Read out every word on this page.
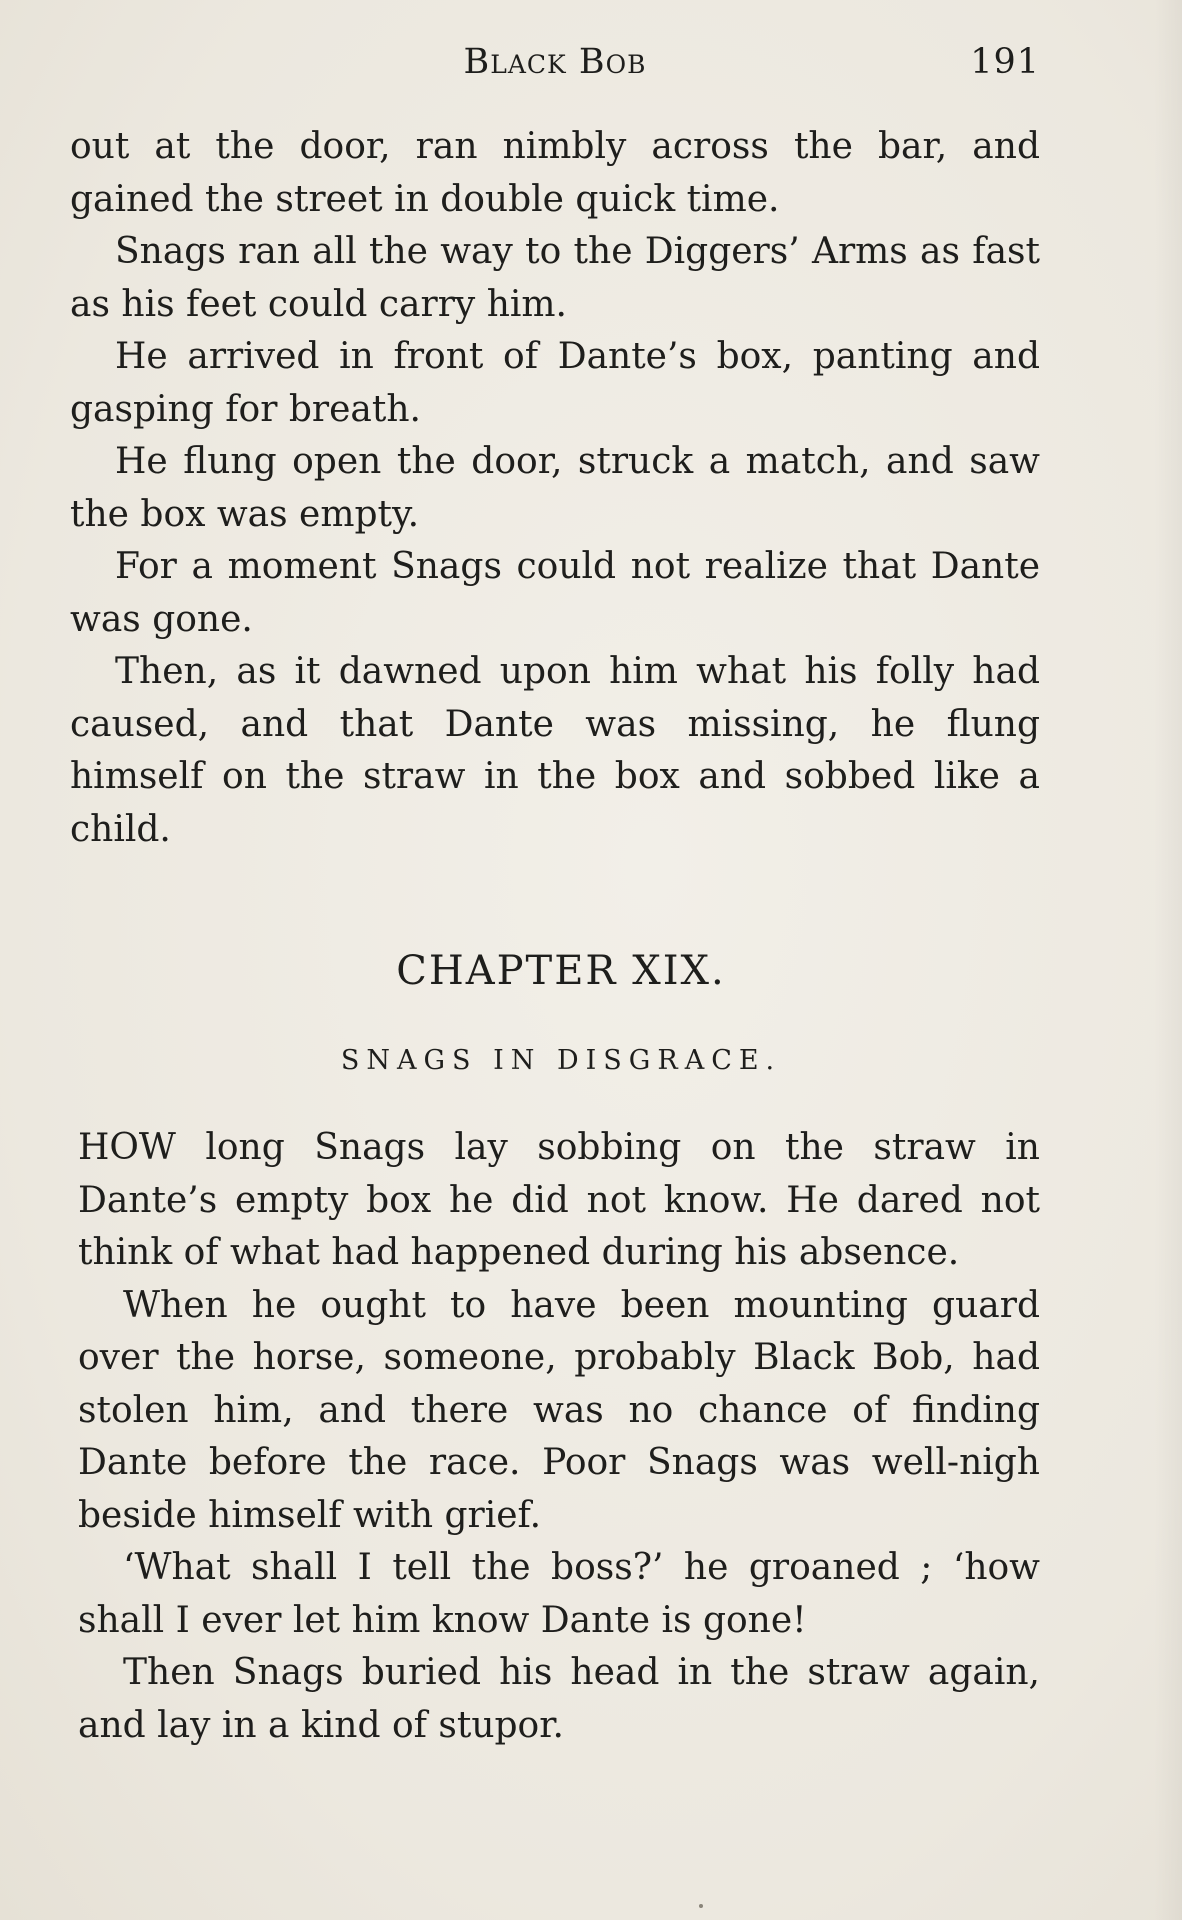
Black Bob	191

out at the door, ran nimbly across the bar, and gained the street in double quick time.

Snags ran all the way to the Diggers’ Arms as fast as his feet could carry him.

He arrived in front of Dante’s box, panting and gasping for breath.

He flung open the door, struck a match, and saw the box was empty.

For a moment Snags could not realize that Dante was gone.

Then, as it dawned upon him what his folly had caused, and that Dante was missing, he flung himself on the straw in the box and sobbed like a child.

CHAPTER XIX.
SNAGS IN DISGRACE.

HOW long Snags lay sobbing on the straw in Dante’s empty box he did not know. He dared not think of what had happened during his absence.

When he ought to have been mounting guard over the horse, someone, probably Black Bob, had stolen him, and there was no chance of finding Dante before the race. Poor Snags was well-nigh beside himself with grief.

‘What shall I tell the boss?’ he groaned ; ‘how shall I ever let him know Dante is gone!

Then Snags buried his head in the straw again, and lay in a kind of stupor.
